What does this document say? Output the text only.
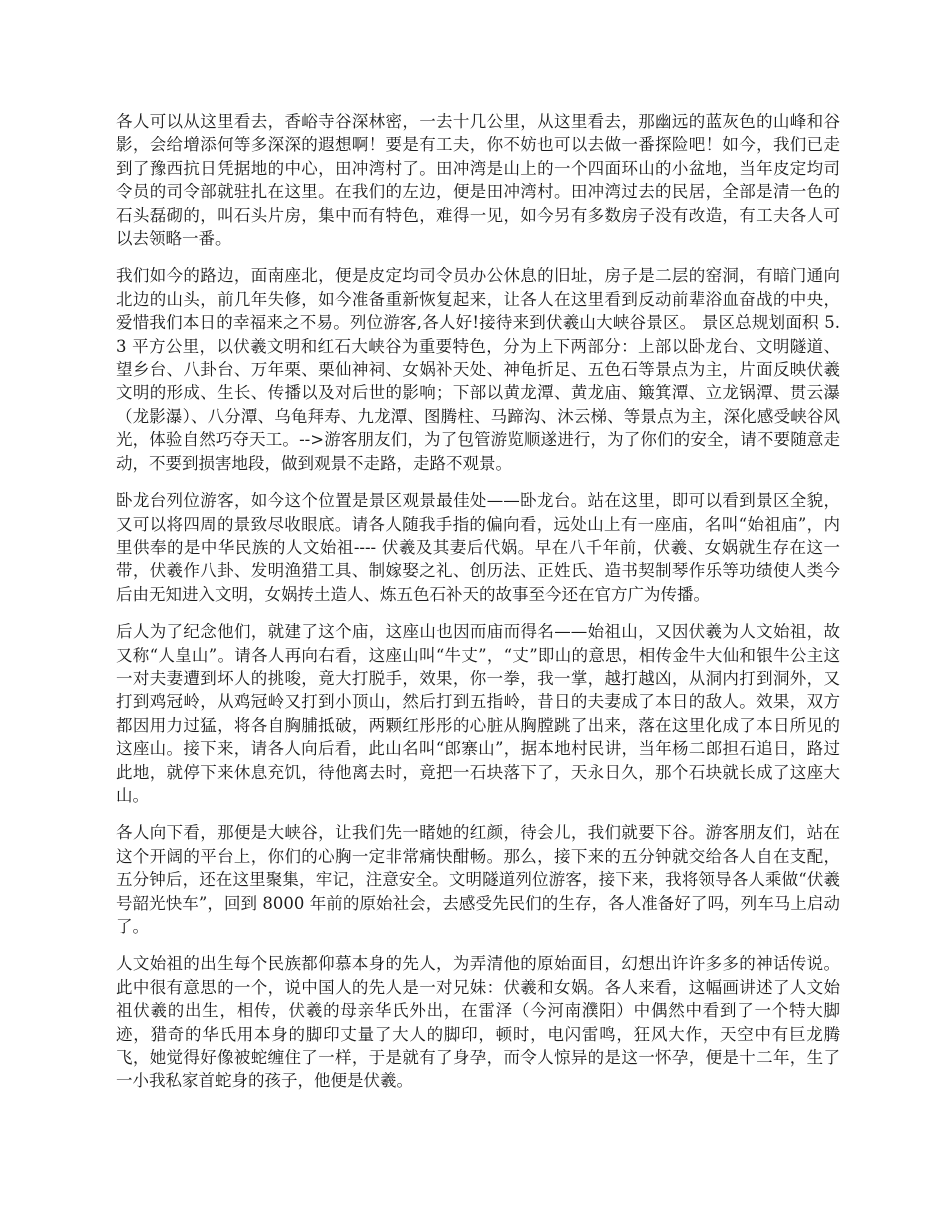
各人可以从这里看去，香峪寺谷深林密，一去十几公里，从这里看去，那幽远的蓝灰色的山峰和谷影，会给增添何等多深深的遐想啊！要是有工夫，你不妨也可以去做一番探险吧！如今，我们已走到了豫西抗日凭据地的中心，田冲湾村了。田冲湾是山上的一个四面环山的小盆地，当年皮定均司令员的司令部就驻扎在这里。在我们的左边，便是田冲湾村。田冲湾过去的民居，全部是清一色的石头磊砌的，叫石头片房，集中而有特色，难得一见，如今另有多数房子没有改造，有工夫各人可以去领略一番。

我们如今的路边，面南座北，便是皮定均司令员办公休息的旧址，房子是二层的窑洞，有暗门通向北边的山头，前几年失修，如今准备重新恢复起来，让各人在这里看到反动前辈浴血奋战的中央，爱惜我们本日的幸福来之不易。列位游客,各人好!接待来到伏羲山大峡谷景区。 景区总规划面积 5.3 平方公里，以伏羲文明和红石大峡谷为重要特色，分为上下两部分：上部以卧龙台、文明隧道、望乡台、八卦台、万年栗、栗仙神祠、女娲补天处、神龟折足、五色石等景点为主，片面反映伏羲文明的形成、生长、传播以及对后世的影响；下部以黄龙潭、黄龙庙、簸箕潭、立龙锅潭、贯云瀑（龙影瀑）、八分潭、乌龟拜寿、九龙潭、图腾柱、马蹄沟、沐云梯、等景点为主，深化感受峡谷风光，体验自然巧夺天工。-->游客朋友们，为了包管游览顺遂进行，为了你们的安全，请不要随意走动，不要到损害地段，做到观景不走路，走路不观景。

卧龙台列位游客，如今这个位置是景区观景最佳处——卧龙台。站在这里，即可以看到景区全貌，又可以将四周的景致尽收眼底。请各人随我手指的偏向看，远处山上有一座庙，名叫“始祖庙”，内里供奉的是中华民族的人文始祖---- 伏羲及其妻后代娲。早在八千年前，伏羲、女娲就生存在这一带，伏羲作八卦、发明渔猎工具、制嫁娶之礼、创历法、正姓氏、造书契制琴作乐等功绩使人类今后由无知进入文明，女娲抟土造人、炼五色石补天的故事至今还在官方广为传播。

后人为了纪念他们，就建了这个庙，这座山也因而庙而得名——始祖山，又因伏羲为人文始祖，故又称“人皇山”。请各人再向右看，这座山叫“牛丈”，“丈”即山的意思，相传金牛大仙和银牛公主这一对夫妻遭到坏人的挑唆，竟大打脱手，效果，你一拳，我一掌，越打越凶，从洞内打到洞外，又打到鸡冠岭，从鸡冠岭又打到小顶山，然后打到五指岭，昔日的夫妻成了本日的敌人。效果，双方都因用力过猛，将各自胸脯抵破，两颗红彤彤的心脏从胸膛跳了出来，落在这里化成了本日所见的这座山。接下来，请各人向后看，此山名叫“郎寨山”，据本地村民讲，当年杨二郎担石追日，路过此地，就停下来休息充饥，待他离去时，竟把一石块落下了，天永日久，那个石块就长成了这座大山。

各人向下看，那便是大峡谷，让我们先一睹她的红颜，待会儿，我们就要下谷。游客朋友们，站在这个开阔的平台上，你们的心胸一定非常痛快酣畅。那么，接下来的五分钟就交给各人自在支配，五分钟后，还在这里聚集，牢记，注意安全。文明隧道列位游客，接下来，我将领导各人乘做“伏羲号韶光快车”，回到 8000 年前的原始社会，去感受先民们的生存，各人准备好了吗，列车马上启动了。

人文始祖的出生每个民族都仰慕本身的先人，为弄清他的原始面目，幻想出许许多多的神话传说。此中很有意思的一个，说中国人的先人是一对兄妹：伏羲和女娲。各人来看，这幅画讲述了人文始祖伏羲的出生，相传，伏羲的母亲华氏外出，在雷泽（今河南濮阳）中偶然中看到了一个特大脚迹，猎奇的华氏用本身的脚印丈量了大人的脚印，顿时，电闪雷鸣，狂风大作，天空中有巨龙腾飞，她觉得好像被蛇缠住了一样，于是就有了身孕，而令人惊异的是这一怀孕，便是十二年，生了一小我私家首蛇身的孩子，他便是伏羲。
